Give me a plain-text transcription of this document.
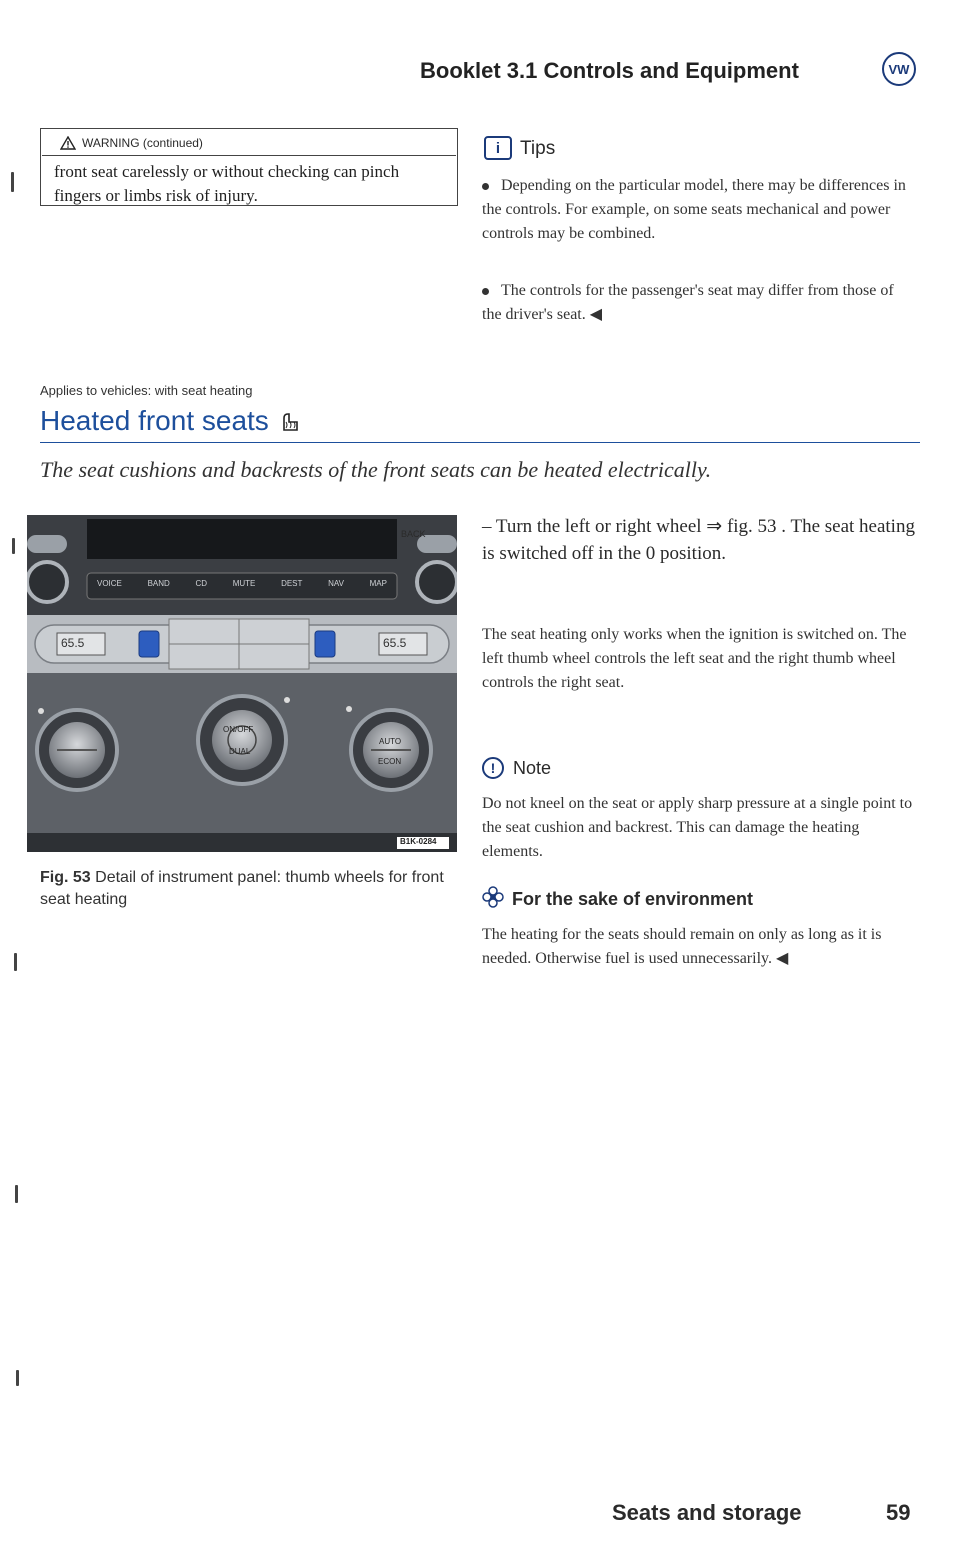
Booklet 3.1 Controls and Equipment	VW
WARNING (continued)
front seat carelessly or without checking can pinch fingers or limbs risk of injury.
i	Tips
Depending on the particular model, there may be differences in the controls. For example, on some seats mechanical and power controls may be combined.
The controls for the passenger's seat may differ from those of the driver's seat. ◀
Applies to vehicles: with seat heating
Heated front seats
The seat cushions and backrests of the front seats can be heated electrically.
BACK
VOICE	BAND	CD	MUTE	DEST	NAV	MAP
65.5	65.5
ON/OFF
DUAL
AUTO
ECON
B1K-0284
Fig. 53 Detail of instrument panel: thumb wheels for front seat heating
– Turn the left or right wheel ⇒ fig. 53 . The seat heating is switched off in the 0 position.
The seat heating only works when the ignition is switched on. The left thumb wheel controls the left seat and the right thumb wheel controls the right seat.
! Note
Do not kneel on the seat or apply sharp pressure at a single point to the seat cushion and backrest. This can damage the heating elements.
For the sake of environment
The heating for the seats should remain on only as long as it is needed. Otherwise fuel is used unnecessarily. ◀
Seats and storage	59
